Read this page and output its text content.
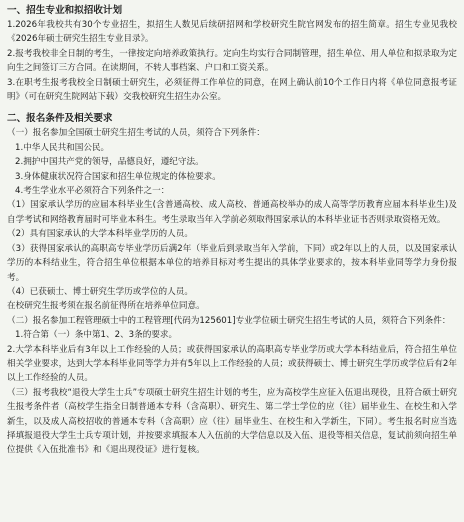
一、招生专业和拟招收计划

1.2026年我校共有30个专业招生，拟招生人数见后续研招网和学校研究生院官网发布的招生简章。招生专业见我校《2026年硕士研究生招生专业目录》。

2.报考我校非全日制的考生，一律按定向培养政策执行。定向生均实行合同制管理，招生单位、用人单位和拟录取为定向生之间签订三方合同。在读期间，不转人事档案、户口和工资关系。

3.在职考生报考我校全日制硕士研究生，必须征得工作单位的同意，在网上确认前10个工作日内将《单位同意报考证明》（可在研究生院网站下载）交我校研究生招生办公室。

二、报名条件及相关要求

（一）报名参加全国硕士研究生招生考试的人员，须符合下列条件：

1.中华人民共和国公民。

2.拥护中国共产党的领导，品德良好，遵纪守法。

3.身体健康状况符合国家和招生单位规定的体检要求。

4.考生学业水平必须符合下列条件之一：

（1）国家承认学历的应届本科毕业生(含普通高校、成人高校、普通高校举办的成人高等学历教育应届本科毕业生)及自学考试和网络教育届时可毕业本科生。考生录取当年入学前必须取得国家承认的本科毕业证书否则录取资格无效。

（2）具有国家承认的大学本科毕业学历的人员。

（3）获得国家承认的高职高专毕业学历后满2年（毕业后到录取当年入学前，下同）或2年以上的人员，以及国家承认学历的本科结业生，符合招生单位根据本单位的培养目标对考生提出的具体学业要求的，按本科毕业同等学力身份报考。

（4）已获硕士、博士研究生学历或学位的人员。

在校研究生报考须在报名前征得所在培养单位同意。

（二）报名参加工程管理硕士中的工程管理[代码为125601]专业学位硕士研究生招生考试的人员，须符合下列条件：

1.符合第（一）条中第1、2、3条的要求。

2.大学本科毕业后有3年以上工作经验的人员；或获得国家承认的高职高专毕业学历或大学本科结业后，符合招生单位相关学业要求，达到大学本科毕业同等学力并有5年以上工作经验的人员；或获得硕士、博士研究生学历或学位后有2年以上工作经验的人员。

（三）报考我校“退役大学生士兵”专项硕士研究生招生计划的考生，应为高校学生应征入伍退出现役，且符合硕士研究生报考条件者（高校学生指全日制普通本专科（含高职）、研究生、第二学士学位的应（往）届毕业生、在校生和入学新生，以及成人高校招收的普通本专科（含高职）应（往）届毕业生、在校生和入学新生，下同）。考生报名时应当选择填报退役大学生士兵专项计划，并按要求填报本人入伍前的大学信息以及入伍、退役等相关信息，复试前须向招生单位提供《入伍批准书》和《退出现役证》进行复核。
